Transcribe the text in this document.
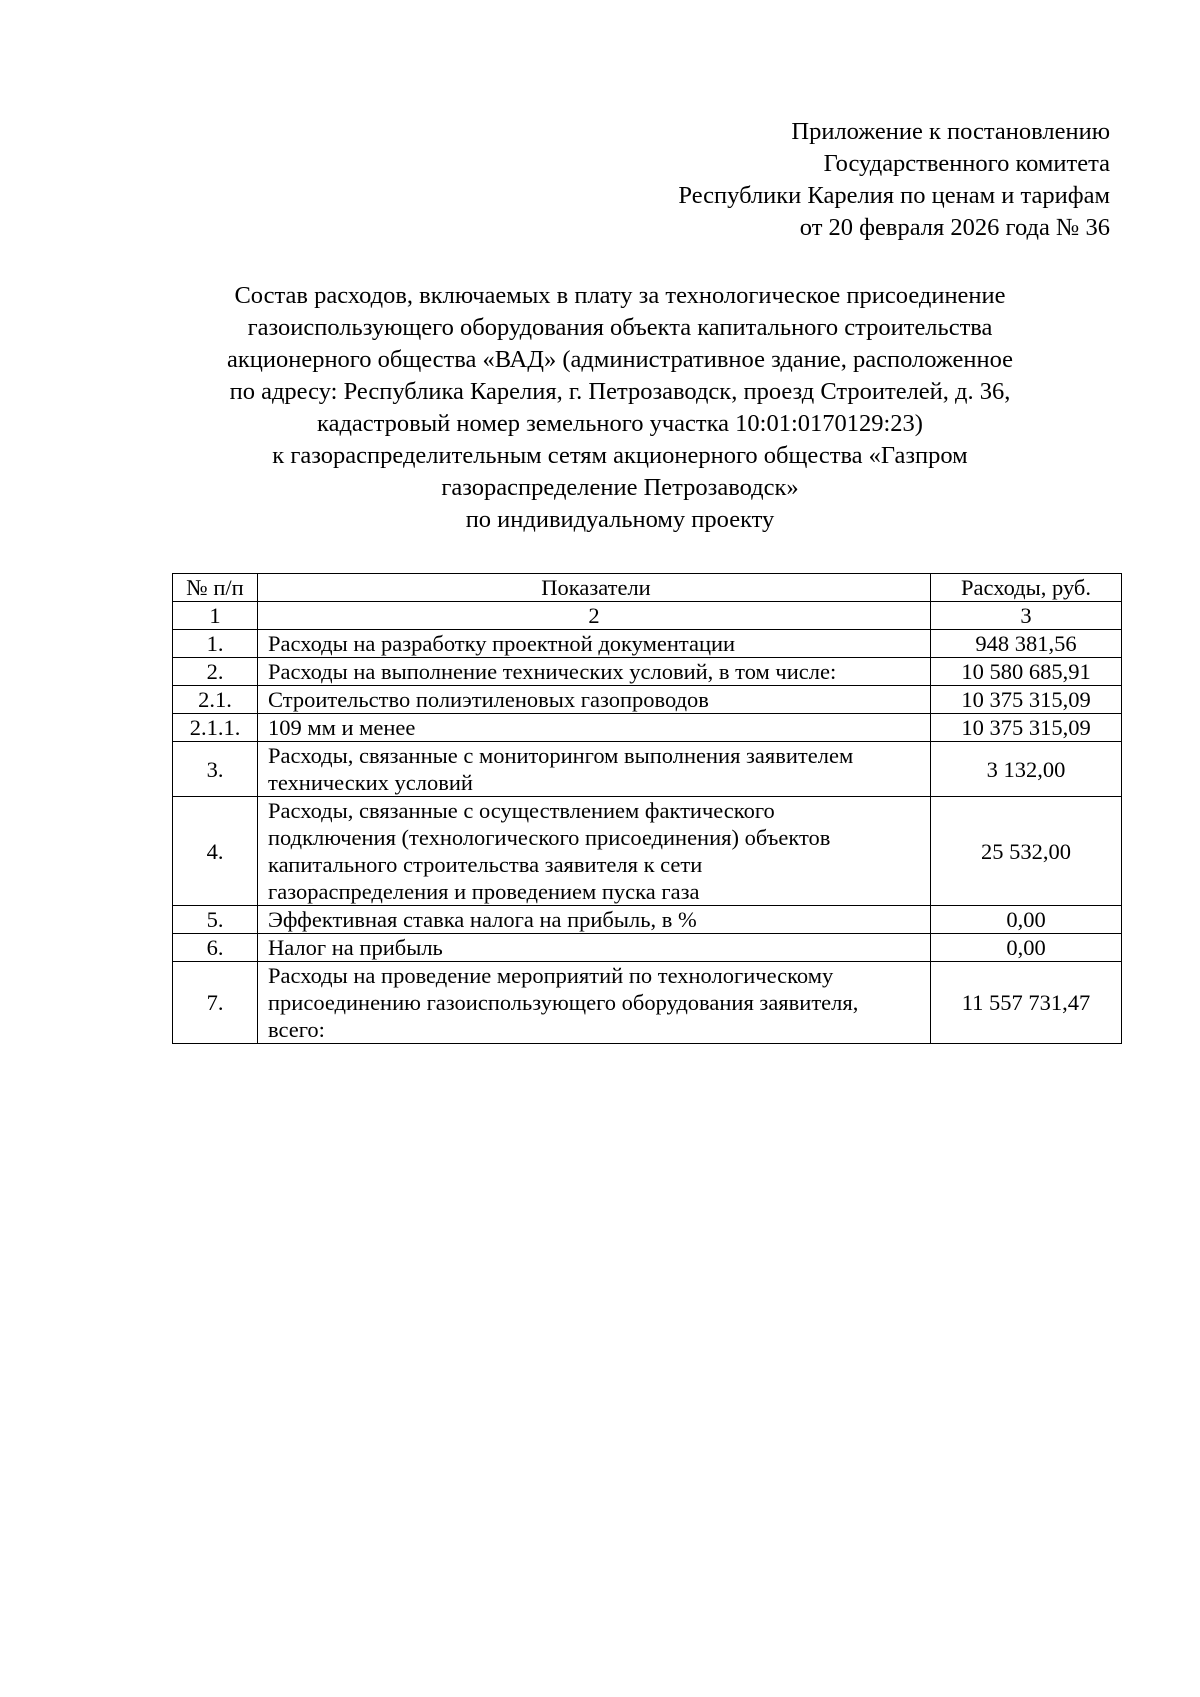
Приложение к постановлению
Государственного комитета
Республики Карелия по ценам и тарифам
от 20 февраля 2026 года № 36
Состав расходов, включаемых в плату за технологическое присоединение
газоиспользующего оборудования объекта капитального строительства
акционерного общества «ВАД» (административное здание, расположенное
по адресу: Республика Карелия, г. Петрозаводск, проезд Строителей, д. 36,
кадастровый номер земельного участка 10:01:0170129:23)
к газораспределительным сетям акционерного общества «Газпром
газораспределение Петрозаводск»
по индивидуальному проекту
№ п/п	Показатели	Расходы, руб.
1	2	3
1.	Расходы на разработку проектной документации	948 381,56
2.	Расходы на выполнение технических условий, в том числе:	10 580 685,91
2.1.	Строительство полиэтиленовых газопроводов	10 375 315,09
2.1.1.	109 мм и менее	10 375 315,09
3.	Расходы, связанные с мониторингом выполнения заявителем
технических условий	3 132,00
4.	Расходы, связанные с осуществлением фактического
подключения (технологического присоединения) объектов
капитального строительства заявителя к сети
газораспределения и проведением пуска газа	25 532,00
5.	Эффективная ставка налога на прибыль, в %	0,00
6.	Налог на прибыль	0,00
7.	Расходы на проведение мероприятий по технологическому
присоединению газоиспользующего оборудования заявителя,
всего:	11 557 731,47
